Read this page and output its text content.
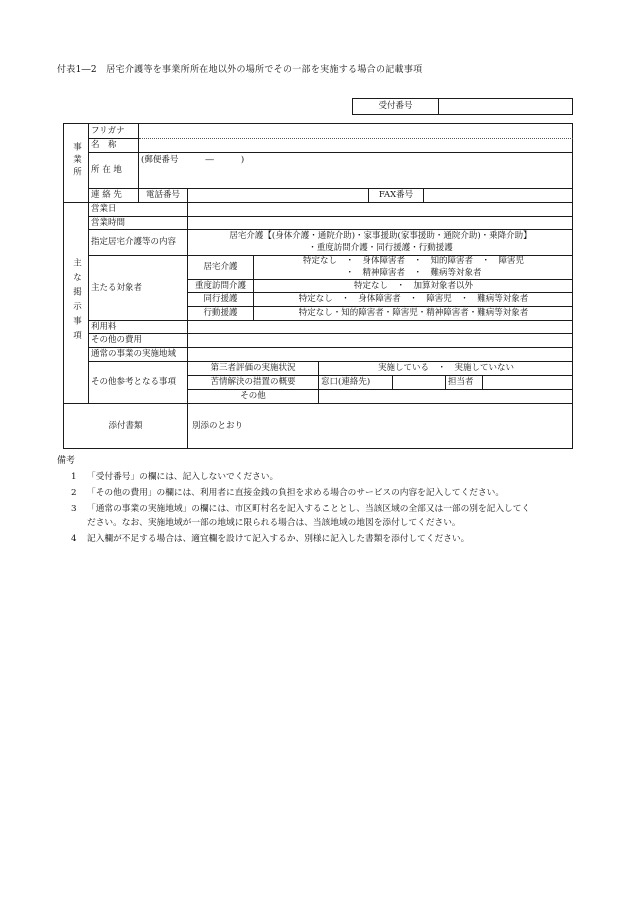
付表1―2　居宅介護等を事業所所在地以外の場所でその一部を実施する場合の記載事項
受付番号
事業所	フリガナ									
	名　称									
	所 在 地	(郵便番号 ― )								

	連 絡 先	電話番号				FAX番号				
主な掲示事項	営業日									
	営業時間									
	指定居宅介護等の内容		居宅介護【(身体介護・通院介助)・家事援助(家事援助・通院介助)・乗降介助】
・重度訪問介護・同行援護・行動援護							

	主たる対象者		居宅介護	特定なし　・　身体障害者　・　知的障害者　・　障害児
・　精神障害者　・　難病等対象者						

			重度訪問介護	特定なし　・　加算対象者以外						
			同行援護	特定なし　・　身体障害者　・　障害児　・　難病等対象者						
			行動援護	特定なし・知的障害者・障害児・精神障害者・難病等対象者						
	利用料									
	その他の費用									
	通常の事業の実施地域									
	その他参考となる事項		第三者評価の実施状況		実施している　・　実施していない					
			苦情解決の措置の概要		窓口(連絡先)				担当者	
			その他							
添付書類			別添のとおり							
備考
1	「受付番号」の欄には、記入しないでください。
2	「その他の費用」の欄には、利用者に直接金銭の負担を求める場合のサービスの内容を記入してください。
3	「通常の事業の実施地域」の欄には、市区町村名を記入することとし、当該区域の全部又は一部の別を記入してください。なお、実施地域が一部の地域に限られる場合は、当該地域の地図を添付してください。
4	記入欄が不足する場合は、適宜欄を設けて記入するか、別様に記入した書類を添付してください。
